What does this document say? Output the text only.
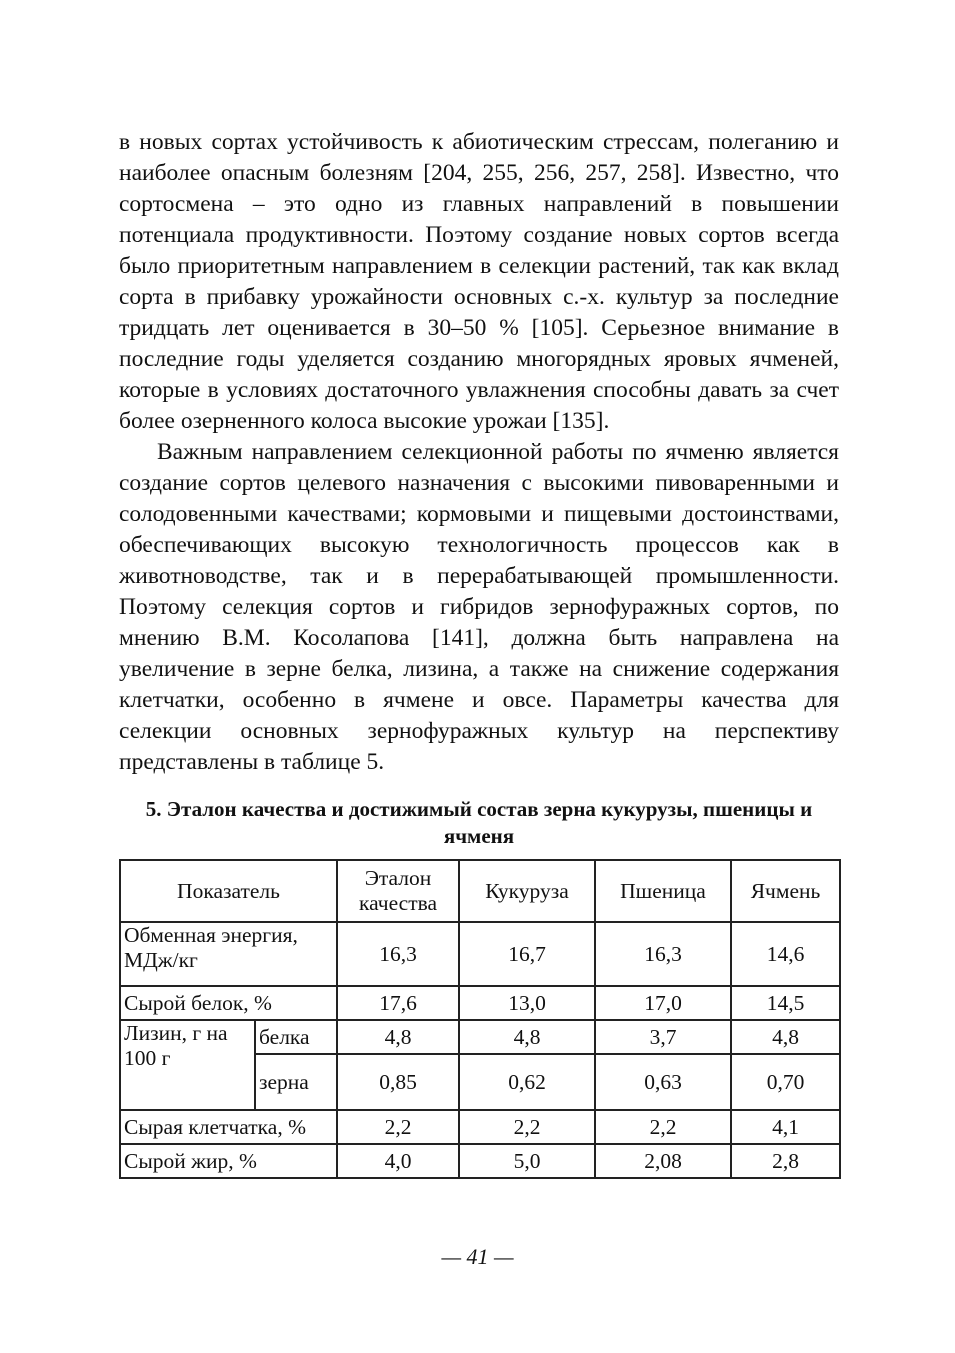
в новых сортах устойчивость к абиотическим стрессам, полеганию и наиболее опасным болезням [204, 255, 256, 257, 258]. Известно, что сортосмена – это одно из главных направлений в повышении потенциала продуктивности. Поэтому создание новых сортов всегда было приоритетным направлением в селекции растений, так как вклад сорта в прибавку урожайности основных с.-х. культур за последние тридцать лет оценивается в 30–50 % [105]. Серьезное внимание в последние годы уделяется созданию многорядных яровых ячменей, которые в условиях достаточного увлажнения способны давать за счет более озерненного колоса высокие урожаи [135].

Важным направлением селекционной работы по ячменю является создание сортов целевого назначения с высокими пивоваренными и солодовенными качествами; кормовыми и пищевыми достоинствами, обеспечивающих высокую технологичность процессов как в животноводстве, так и в перерабатывающей промышленности. Поэтому селекция сортов и гибридов зернофуражных сортов, по мнению В.М. Косолапова [141], должна быть направлена на увеличение в зерне белка, лизина, а также на снижение содержания клетчатки, особенно в ячмене и овсе. Параметры качества для селекции основных зернофуражных культур на перспективу представлены в таблице 5.

5. Эталон качества и достижимый состав зерна кукурузы, пшеницы и ячменя
Показатель		Эталон качества	Кукуруза	Пшеница	Ячмень
Обменная энергия, МДж/кг		16,3	16,7	16,3	14,6
Сырой белок, %		17,6	13,0	17,0	14,5
Лизин, г на 100 г	белка	4,8	4,8	3,7	4,8
	зерна	0,85	0,62	0,63	0,70
Сырая клетчатка, %		2,2	2,2	2,2	4,1
Сырой жир, %		4,0	5,0	2,08	2,8
— 41 —
